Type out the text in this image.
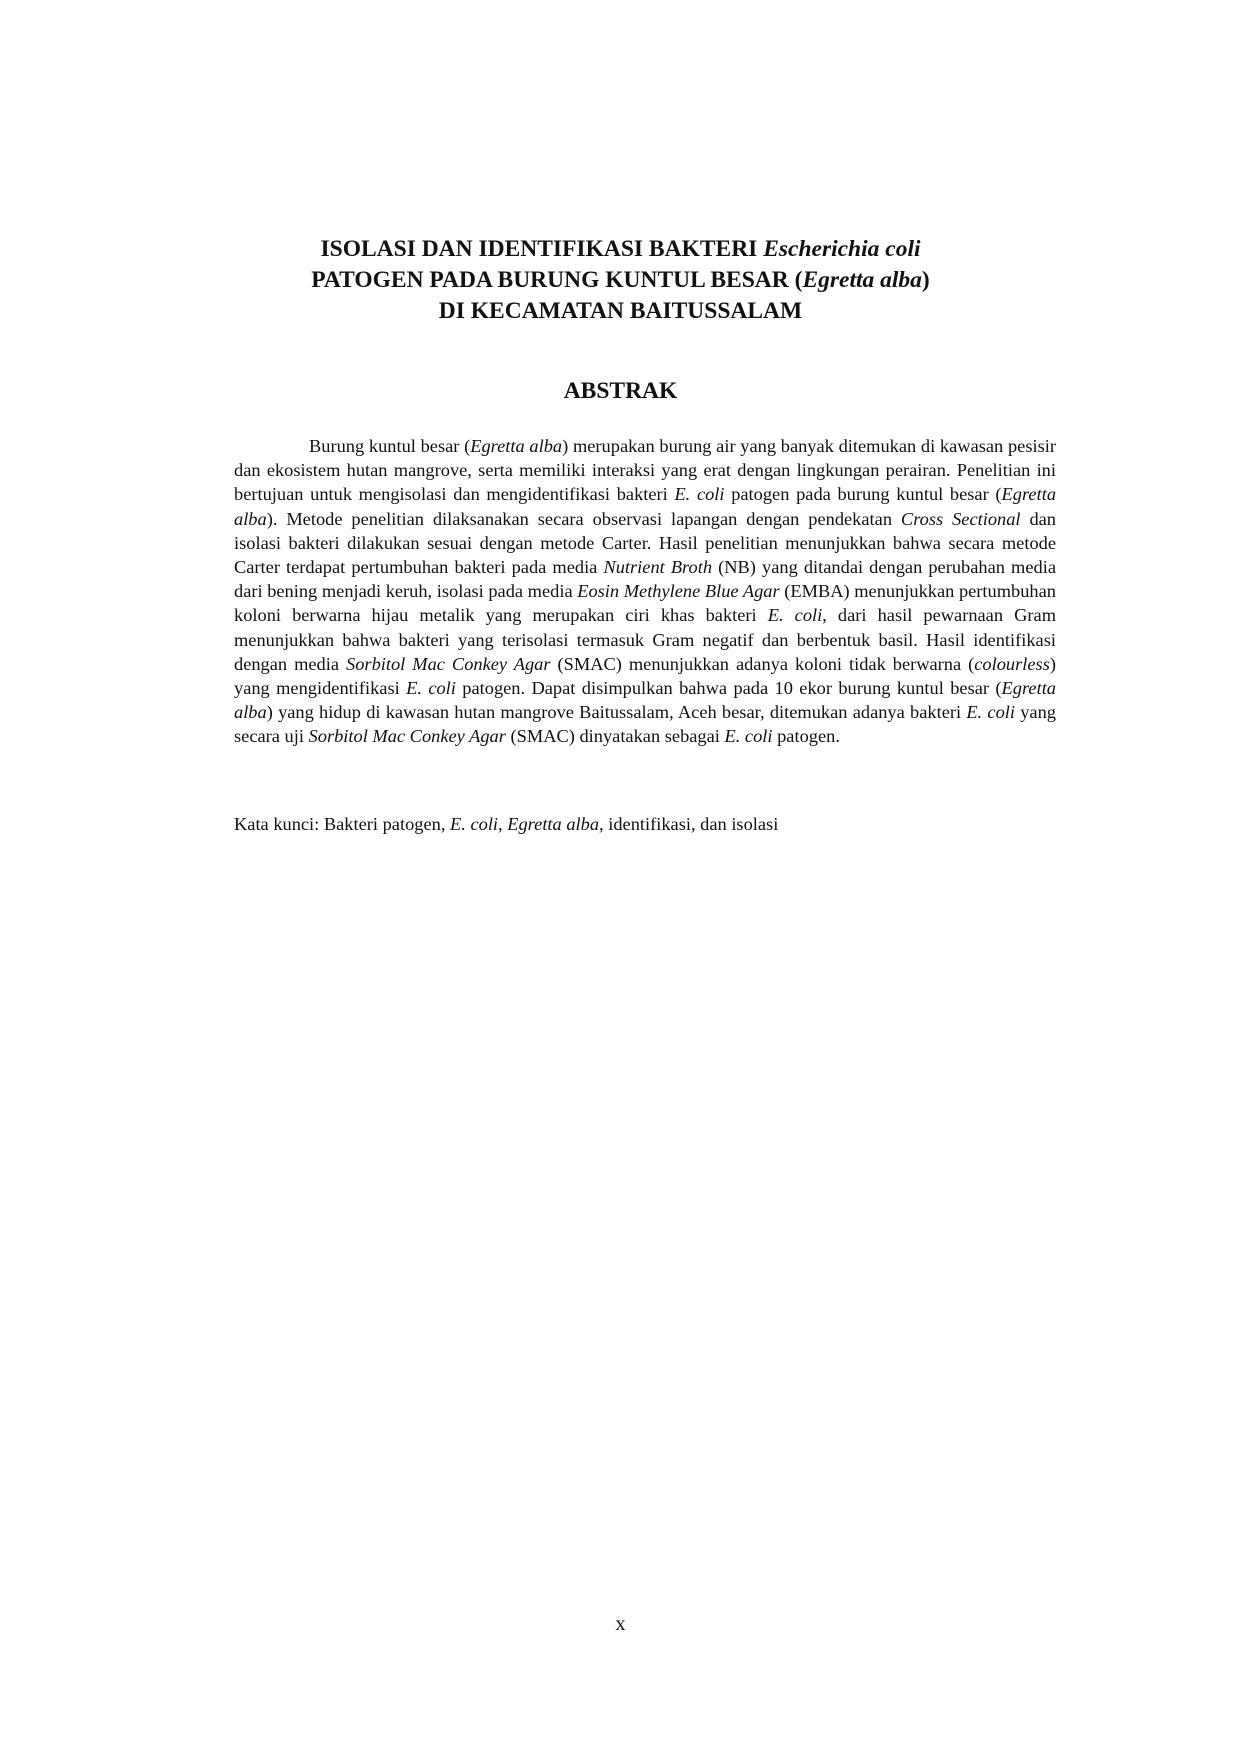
ISOLASI DAN IDENTIFIKASI BAKTERI Escherichia coli
PATOGEN PADA BURUNG KUNTUL BESAR (Egretta alba)
DI KECAMATAN BAITUSSALAM
ABSTRAK

Burung kuntul besar (Egretta alba) merupakan burung air yang banyak ditemukan di kawasan pesisir dan ekosistem hutan mangrove, serta memiliki interaksi yang erat dengan lingkungan perairan. Penelitian ini bertujuan untuk mengisolasi dan mengidentifikasi bakteri E. coli patogen pada burung kuntul besar (Egretta alba). Metode penelitian dilaksanakan secara observasi lapangan dengan pendekatan Cross Sectional dan isolasi bakteri dilakukan sesuai dengan metode Carter. Hasil penelitian menunjukkan bahwa secara metode Carter terdapat pertumbuhan bakteri pada media Nutrient Broth (NB) yang ditandai dengan perubahan media dari bening menjadi keruh, isolasi pada media Eosin Methylene Blue Agar (EMBA) menunjukkan pertumbuhan koloni berwarna hijau metalik yang merupakan ciri khas bakteri E. coli, dari hasil pewarnaan Gram menunjukkan bahwa bakteri yang terisolasi termasuk Gram negatif dan berbentuk basil. Hasil identifikasi dengan media Sorbitol Mac Conkey Agar (SMAC) menunjukkan adanya koloni tidak berwarna (colourless) yang mengidentifikasi E. coli patogen. Dapat disimpulkan bahwa pada 10 ekor burung kuntul besar (Egretta alba) yang hidup di kawasan hutan mangrove Baitussalam, Aceh besar, ditemukan adanya bakteri E. coli yang secara uji Sorbitol Mac Conkey Agar (SMAC) dinyatakan sebagai E. coli patogen.

Kata kunci: Bakteri patogen, E. coli, Egretta alba, identifikasi, dan isolasi

x
